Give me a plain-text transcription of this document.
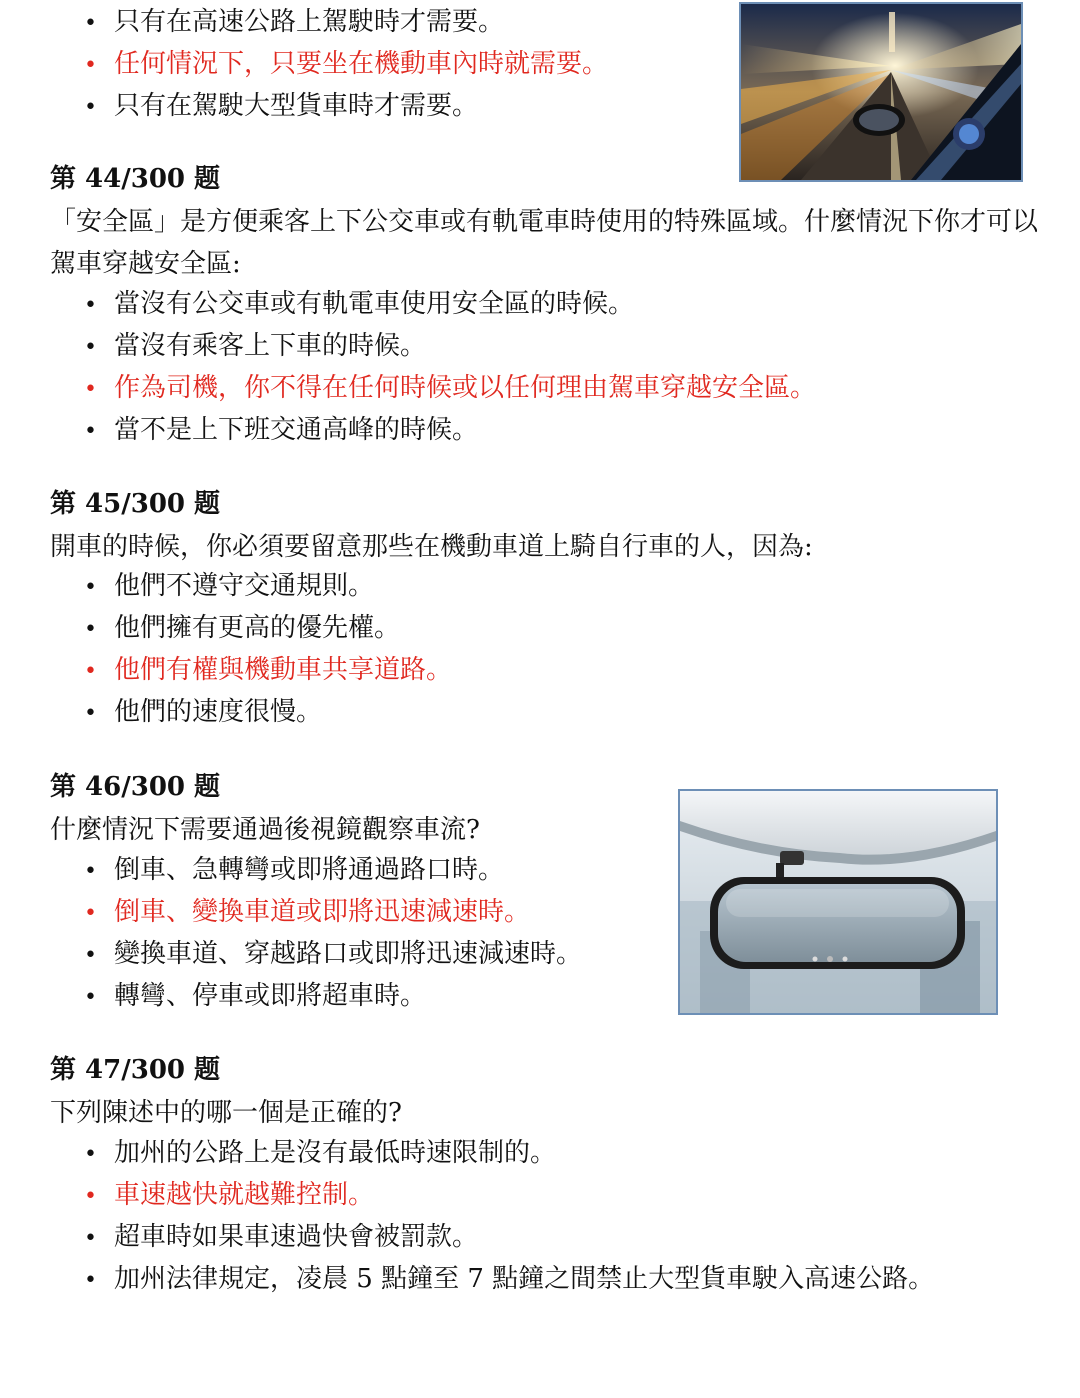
• 只有在高速公路上駕駛時才需要。
• 任何情況下，只要坐在機動車內時就需要。
• 只有在駕駛大型貨車時才需要。
第 44/300 题
「安全區」是方便乘客上下公交車或有軌電車時使用的特殊區域。什麼情況下你才可以駕車穿越安全區:
• 當沒有公交車或有軌電車使用安全區的時候。
• 當沒有乘客上下車的時候。
• 作為司機，你不得在任何時候或以任何理由駕車穿越安全區。
• 當不是上下班交通高峰的時候。
第 45/300 题
開車的時候，你必須要留意那些在機動車道上騎自行車的人，因為:
• 他們不遵守交通規則。
• 他們擁有更高的優先權。
• 他們有權與機動車共享道路。
• 他們的速度很慢。
第 46/300 题
什麼情況下需要通過後視鏡觀察車流?
• 倒車、急轉彎或即將通過路口時。
• 倒車、變換車道或即將迅速減速時。
• 變換車道、穿越路口或即將迅速減速時。
• 轉彎、停車或即將超車時。
第 47/300 题
下列陳述中的哪一個是正確的?
• 加州的公路上是沒有最低時速限制的。
• 車速越快就越難控制。
• 超車時如果車速過快會被罰款。
• 加州法律規定，凌晨 5 點鐘至 7 點鐘之間禁止大型貨車駛入高速公路。
